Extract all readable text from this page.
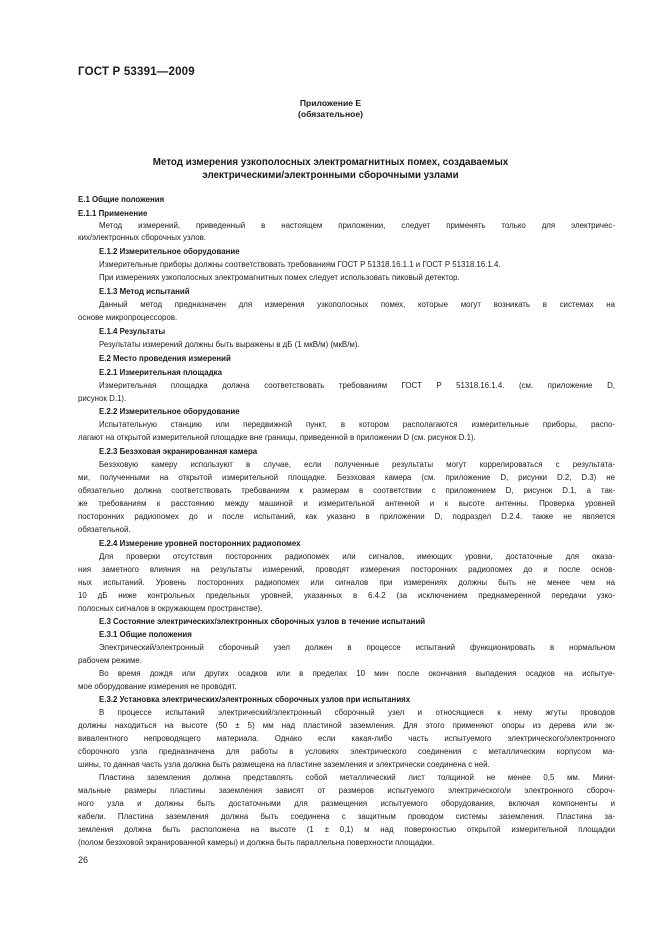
ГОСТ Р 53391—2009
Приложение Е
(обязательное)
Метод измерения узкополосных электромагнитных помех, создаваемых
электрическими/электронными сборочными узлами
E.1 Общие положения
E.1.1 Применение
Метод измерений, приведенный в настоящем приложении, следует применять только для электричес-
ких/электронных сборочных узлов.
E.1.2 Измерительное оборудование
Измерительные приборы должны соответствовать требованиям ГОСТ Р 51318.16.1.1 и ГОСТ Р 51318.16.1.4.
При измерениях узкополосных электромагнитных помех следует использовать пиковый детектор.
E.1.3 Метод испытаний
Данный метод предназначен для измерения узкополосных помех, которые могут возникать в системах на
основе микропроцессоров.
E.1.4 Результаты
Результаты измерений должны быть выражены в дБ (1 мкВ/м) (мкВ/м).
E.2 Место проведения измерений
E.2.1 Измерительная площадка
Измерительная площадка должна соответствовать требованиям ГОСТ Р 51318.16.1.4. (см. приложение D,
рисунок D.1).
E.2.2 Измерительное оборудование
Испытательную станцию или передвижной пункт, в котором располагаются измерительные приборы, распо-
лагают на открытой измерительной площадке вне границы, приведенной в приложении D (см. рисунок D.1).
E.2.3 Безэховая экранированная камера
Безэховую камеру используют в случае, если полученные результаты могут коррелироваться с результата-
ми, полученными на открытой измерительной площадке. Безэховая камера (см. приложение D, рисунки D.2, D.3) не
обязательно должна соответствовать требованиям к размерам в соответствии с приложением D, рисунок D.1, а так-
же требованиям к расстоянию между машиной и измерительной антенной и к высоте антенны. Проверка уровней
посторонних радиопомех до и после испытаний, как указано в приложении D, подраздел D.2.4. также не является
обязательной.
E.2.4 Измерение уровней посторонних радиопомех
Для проверки отсутствия посторонних радиопомех или сигналов, имеющих уровни, достаточные для оказа-
ния заметного влияния на результаты измерений, проводят измерения посторонних радиопомех до и после основ-
ных испытаний. Уровень посторонних радиопомех или сигналов при измерениях должны быть не менее чем на
10 дБ ниже контрольных предельных уровней, указанных в 6.4.2 (за исключением преднамеренной передачи узко-
полосных сигналов в окружающем пространстве).
E.3 Состояние электрических/электронных сборочных узлов в течение испытаний
E.3.1 Общие положения
Электрический/электронный сборочный узел должен в процессе испытаний функционировать в нормальном
рабочем режиме.
Во время дождя или других осадков или в пределах 10 мин после окончания выпадения осадков на испытуе-
мое оборудование измерения не проводят.
E.3.2 Установка электрических/электронных сборочных узлов при испытаниях
В процессе испытаний электрический/электронный сборочный узел и относящиеся к нему жгуты проводов
должны находиться на высоте (50 ± 5) мм над пластиной заземления. Для этого применяют опоры из дерева или эк-
вивалентного непроводящего материала. Однако если какая-либо часть испытуемого электрического/электронного
сборочного узла предназначена для работы в условиях электрического соединения с металлическим корпусом ма-
шины, то данная часть узла должна быть размещена на пластине заземления и электрически соединена с ней.
Пластина заземления должна представлять собой металлический лист толщиной не менее 0,5 мм. Мини-
мальные размеры пластины заземления зависят от размеров испытуемого электрического/и электронного сбороч-
ного узла и должны быть достаточными для размещения испытуемого оборудования, включая компоненты и
кабели. Пластина заземления должна быть соединена с защитным проводом системы заземления. Пластина за-
земления должна быть расположена на высоте (1 ± 0,1) м над поверхностью открытой измерительной площадки
(полом безэховой экранированной камеры) и должна быть параллельна поверхности площадки.
26
